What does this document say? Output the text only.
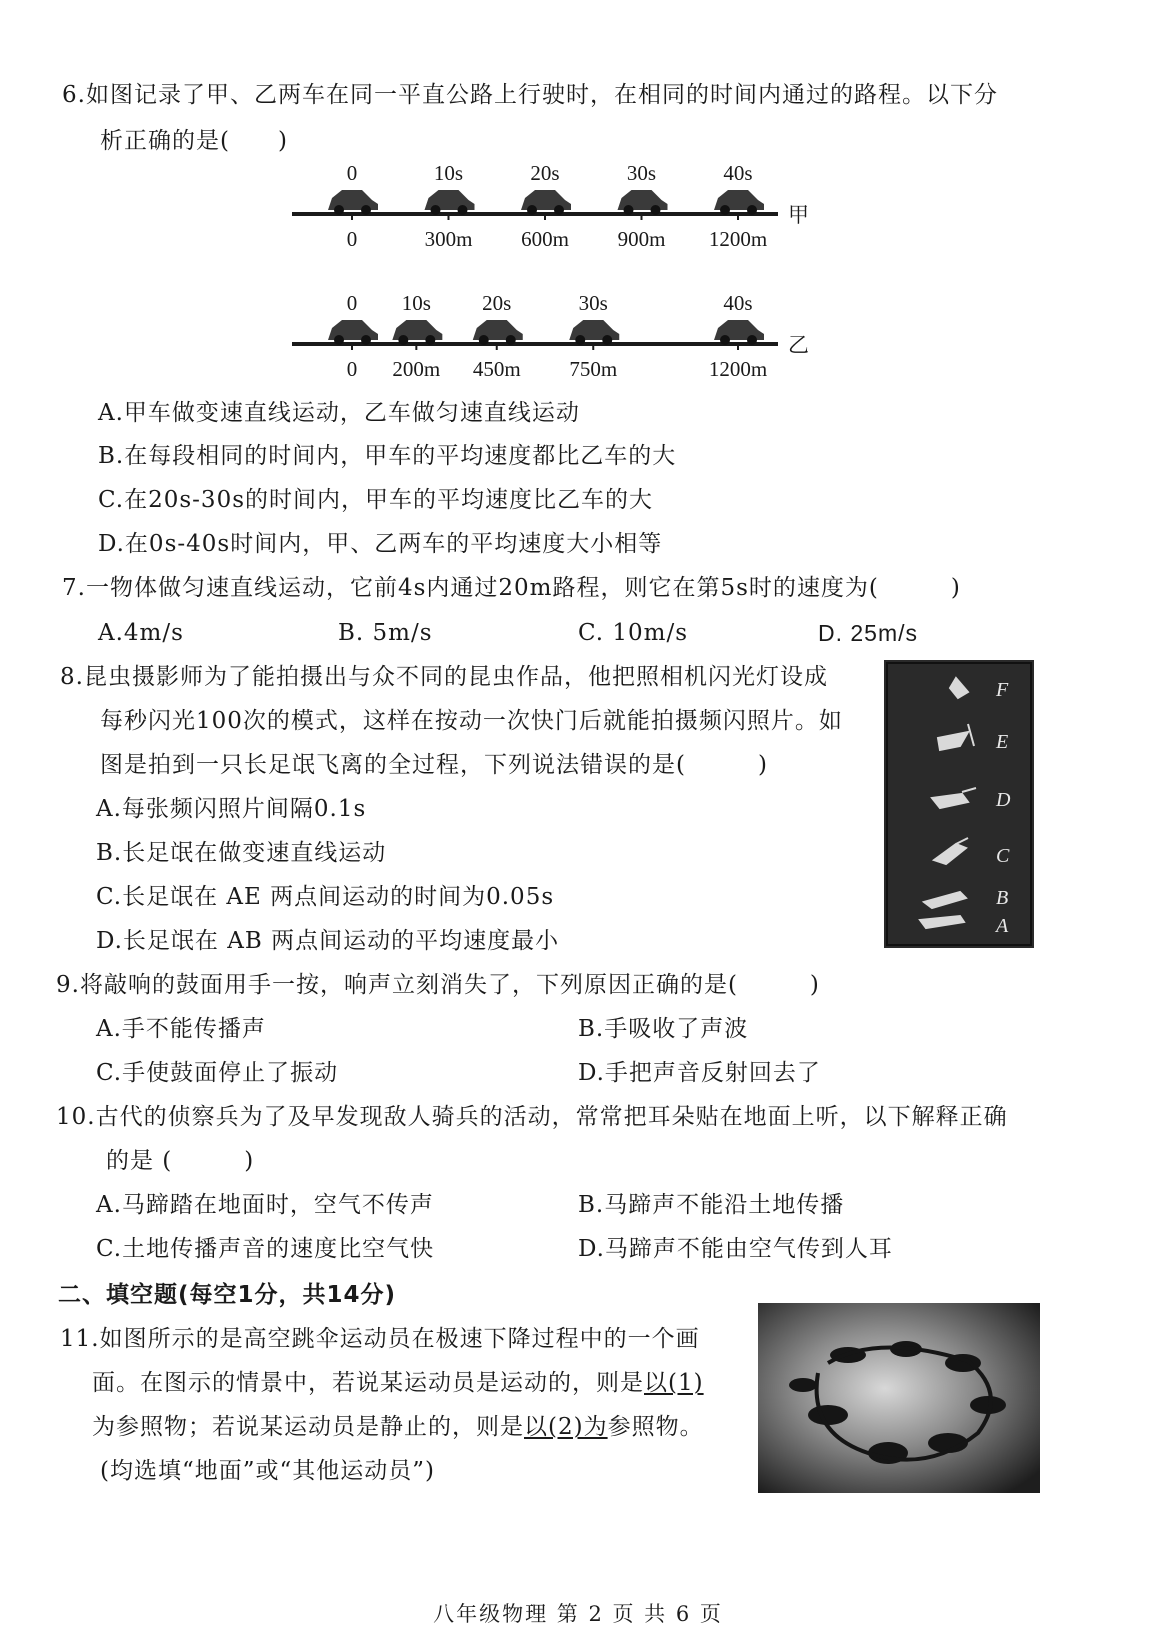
6.如图记录了甲、乙两车在同一平直公路上行驶时，在相同的时间内通过的路程。以下分
析正确的是(　　)
0
0
10s
300m
20s
600m
30s
900m
40s
1200m
甲
0
0
10s
200m
20s
450m
30s
750m
40s
1200m
乙
A.甲车做变速直线运动，乙车做匀速直线运动
B.在每段相同的时间内，甲车的平均速度都比乙车的大
C.在20s-30s的时间内，甲车的平均速度比乙车的大
D.在0s-40s时间内，甲、乙两车的平均速度大小相等
7.一物体做匀速直线运动，它前4s内通过20m路程，则它在第5s时的速度为(　　　)
A.4m/s	B. 5m/s	C. 10m/s	D. 25m/s
8.昆虫摄影师为了能拍摄出与众不同的昆虫作品，他把照相机闪光灯设成
每秒闪光100次的模式，这样在按动一次快门后就能拍摄频闪照片。如
图是拍到一只长足氓飞离的全过程，下列说法错误的是(　　　)
A.每张频闪照片间隔0.1s
B.长足氓在做变速直线运动
C.长足氓在 AE 两点间运动的时间为0.05s
D.长足氓在 AB 两点间运动的平均速度最小
F
E
D
C
B
A
9.将敲响的鼓面用手一按，响声立刻消失了，下列原因正确的是(　　　)
A.手不能传播声	B.手吸收了声波
C.手使鼓面停止了振动	D.手把声音反射回去了
10.古代的侦察兵为了及早发现敌人骑兵的活动，常常把耳朵贴在地面上听，以下解释正确
的是 (　　　)
A.马蹄踏在地面时，空气不传声	B.马蹄声不能沿土地传播
C.土地传播声音的速度比空气快	D.马蹄声不能由空气传到人耳
二、填空题(每空1分，共14分)
11.如图所示的是高空跳伞运动员在极速下降过程中的一个画
面。在图示的情景中，若说某运动员是运动的，则是以(1)
为参照物；若说某运动员是静止的，则是以(2)为参照物。
(均选填“地面”或“其他运动员”)
八年级物理 第 2 页 共 6 页
